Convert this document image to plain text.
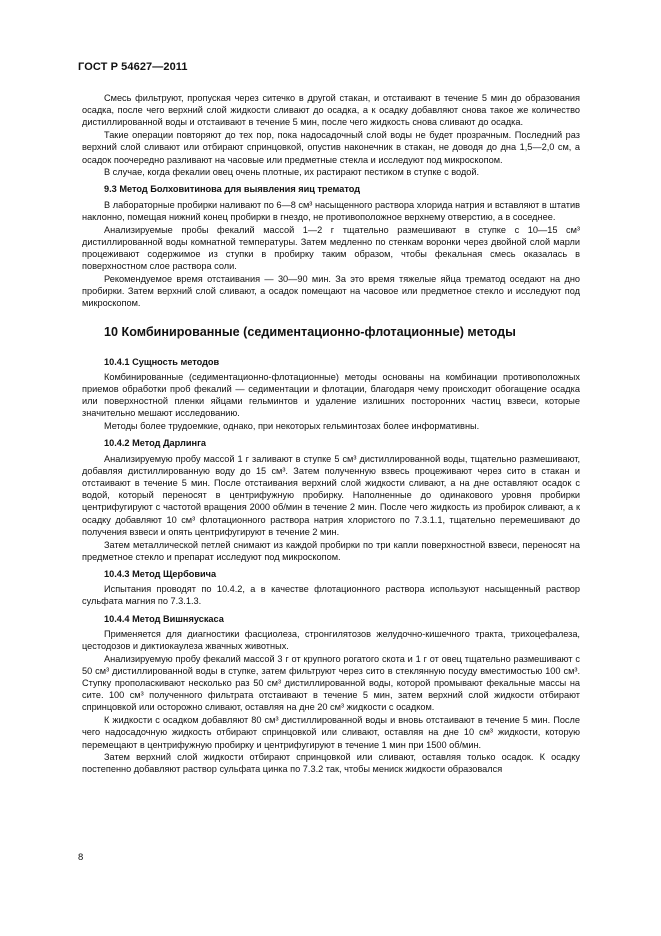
ГОСТ Р 54627—2011

Смесь фильтруют, пропуская через ситечко в другой стакан, и отстаивают в течение 5 мин до образования осадка, после чего верхний слой жидкости сливают до осадка, а к осадку добавляют снова такое же количество дистиллированной воды и отстаивают в течение 5 мин, после чего жидкость снова сливают до осадка.

Такие операции повторяют до тех пор, пока надосадочный слой воды не будет прозрачным. Последний раз верхний слой сливают или отбирают спринцовкой, опустив наконечник в стакан, не доводя до дна 1,5—2,0 см, а осадок поочередно разливают на часовые или предметные стекла и исследуют под микроскопом.

В случае, когда фекалии овец очень плотные, их растирают пестиком в ступке с водой.

9.3 Метод Болховитинова для выявления яиц трематод

В лабораторные пробирки наливают по 6—8 см³ насыщенного раствора хлорида натрия и вставляют в штатив наклонно, помещая нижний конец пробирки в гнездо, не противоположное верхнему отверстию, а в соседнее.

Анализируемые пробы фекалий массой 1—2 г тщательно размешивают в ступке с 10—15 см³ дистиллированной воды комнатной температуры. Затем медленно по стенкам воронки через двойной слой марли процеживают содержимое из ступки в пробирку таким образом, чтобы фекальная смесь оказалась в поверхностном слое раствора соли.

Рекомендуемое время отстаивания — 30—90 мин. За это время тяжелые яйца трематод оседают на дно пробирки. Затем верхний слой сливают, а осадок помещают на часовое или предметное стекло и исследуют под микроскопом.

10 Комбинированные (седиментационно-флотационные) методы
10.4.1 Сущность методов

Комбинированные (седиментационно-флотационные) методы основаны на комбинации противоположных приемов обработки проб фекалий — седиментации и флотации, благодаря чему происходит обогащение осадка или поверхностной пленки яйцами гельминтов и удаление излишних посторонних частиц взвеси, которые значительно мешают исследованию.

Методы более трудоемкие, однако, при некоторых гельминтозах более информативны.

10.4.2 Метод Дарлинга

Анализируемую пробу массой 1 г заливают в ступке 5 см³ дистиллированной воды, тщательно размешивают, добавляя дистиллированную воду до 15 см³. Затем полученную взвесь процеживают через сито в стакан и отстаивают в течение 5 мин. После отстаивания верхний слой жидкости сливают, а на дне оставляют осадок с водой, который переносят в центрифужную пробирку. Наполненные до одинакового уровня пробирки центрифугируют с частотой вращения 2000 об/мин в течение 2 мин. После чего жидкость из пробирок сливают, а к осадку добавляют 10 см³ флотационного раствора натрия хлористого по 7.3.1.1, тщательно перемешивают до получения взвеси и опять центрифугируют в течение 2 мин.

Затем металлической петлей снимают из каждой пробирки по три капли поверхностной взвеси, переносят на предметное стекло и препарат исследуют под микроскопом.

10.4.3 Метод Щербовича

Испытания проводят по 10.4.2, а в качестве флотационного раствора используют насыщенный раствор сульфата магния по 7.3.1.3.

10.4.4 Метод Вишняускаса

Применяется для диагностики фасциолеза, стронгилятозов желудочно-кишечного тракта, трихоцефалеза, цестодозов и диктиокаулеза жвачных животных.

Анализируемую пробу фекалий массой 3 г от крупного рогатого скота и 1 г от овец тщательно размешивают с 50 см³ дистиллированной воды в ступке, затем фильтруют через сито в стеклянную посуду вместимостью 100 см³. Ступку прополаскивают несколько раз 50 см³ дистиллированной воды, которой промывают фекальные массы на сите. 100 см³ полученного фильтрата отстаивают в течение 5 мин, затем верхний слой жидкости отбирают спринцовкой или осторожно сливают, оставляя на дне 20 см³ жидкости с осадком.

К жидкости с осадком добавляют 80 см³ дистиллированной воды и вновь отстаивают в течение 5 мин. После чего надосадочную жидкость отбирают спринцовкой или сливают, оставляя на дне 10 см³ жидкости, которую перемещают в центрифужную пробирку и центрифугируют в течение 1 мин при 1500 об/мин.

Затем верхний слой жидкости отбирают спринцовкой или сливают, оставляя только осадок. К осадку постепенно добавляют раствор сульфата цинка по 7.3.2 так, чтобы мениск жидкости образовался

8
